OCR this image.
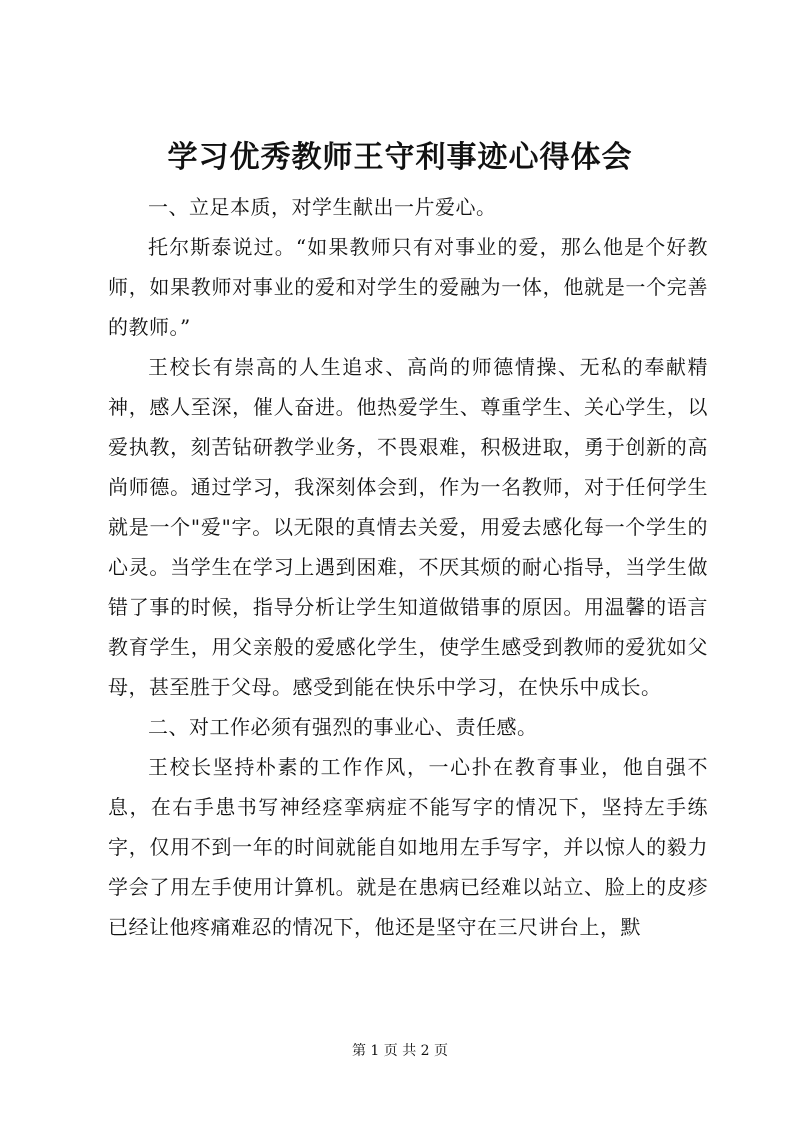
学习优秀教师王守利事迹心得体会

一、立足本质，对学生献出一片爱心。

托尔斯泰说过。“如果教师只有对事业的爱，那么他是个好教师，如果教师对事业的爱和对学生的爱融为一体，他就是一个完善的教师。”

王校长有崇高的人生追求、高尚的师德情操、无私的奉献精神，感人至深，催人奋进。他热爱学生、尊重学生、关心学生，以爱执教，刻苦钻研教学业务，不畏艰难，积极进取，勇于创新的高尚师德。通过学习，我深刻体会到，作为一名教师，对于任何学生就是一个"爱"字。以无限的真情去关爱，用爱去感化每一个学生的心灵。当学生在学习上遇到困难，不厌其烦的耐心指导，当学生做错了事的时候，指导分析让学生知道做错事的原因。用温馨的语言教育学生，用父亲般的爱感化学生，使学生感受到教师的爱犹如父母，甚至胜于父母。感受到能在快乐中学习，在快乐中成长。

二、对工作必须有强烈的事业心、责任感。

王校长坚持朴素的工作作风，一心扑在教育事业，他自强不息，在右手患书写神经痉挛病症不能写字的情况下，坚持左手练字，仅用不到一年的时间就能自如地用左手写字，并以惊人的毅力学会了用左手使用计算机。就是在患病已经难以站立、脸上的皮疹已经让他疼痛难忍的情况下，他还是坚守在三尺讲台上，默

第 1 页 共 2 页
